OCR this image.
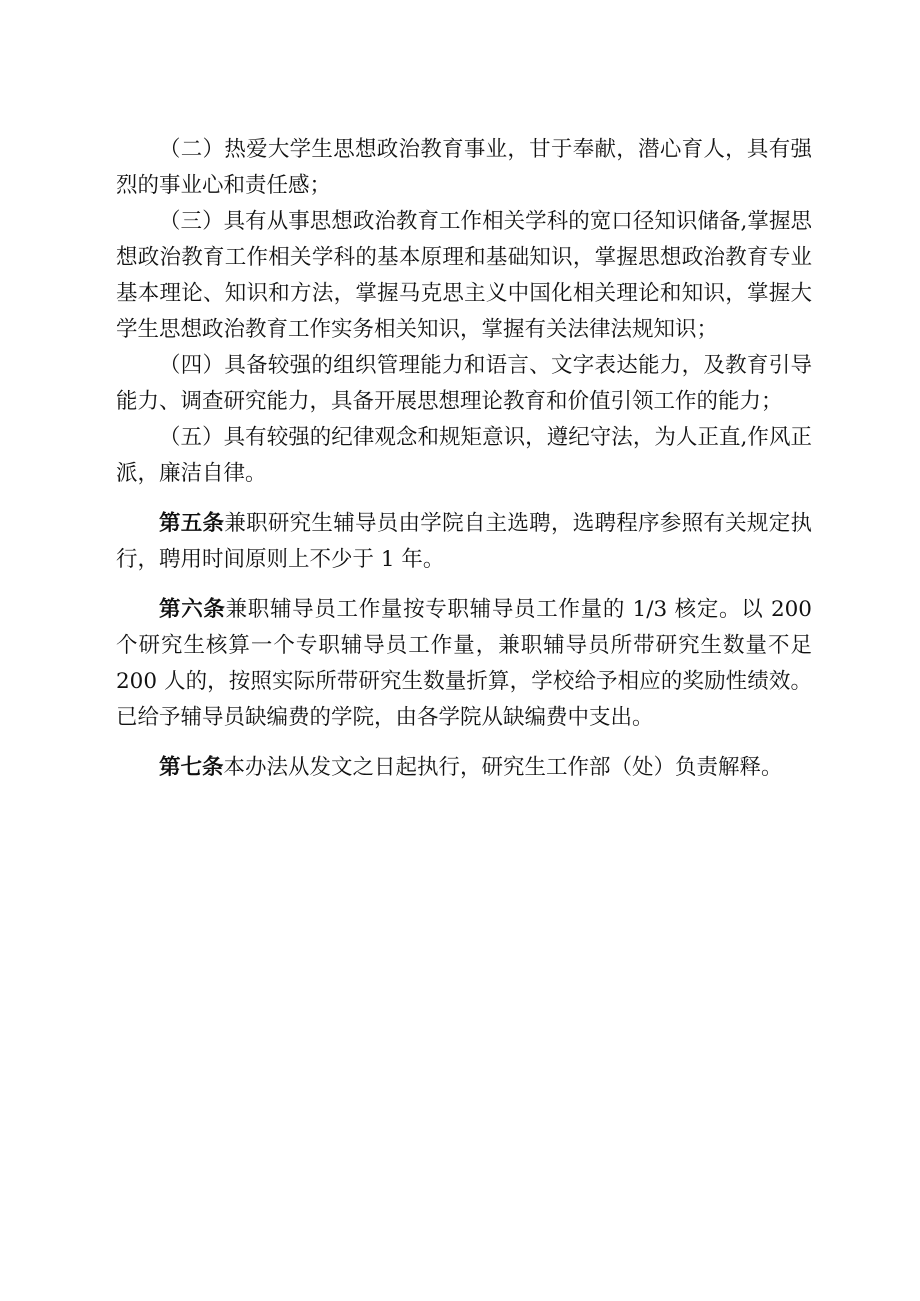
（二）热爱大学生思想政治教育事业，甘于奉献，潜心育人，具有强烈的事业心和责任感；

（三）具有从事思想政治教育工作相关学科的宽口径知识储备,掌握思想政治教育工作相关学科的基本原理和基础知识，掌握思想政治教育专业基本理论、知识和方法，掌握马克思主义中国化相关理论和知识，掌握大学生思想政治教育工作实务相关知识，掌握有关法律法规知识；

（四）具备较强的组织管理能力和语言、文字表达能力，及教育引导能力、调查研究能力，具备开展思想理论教育和价值引领工作的能力；

（五）具有较强的纪律观念和规矩意识，遵纪守法，为人正直,作风正派，廉洁自律。

第五条兼职研究生辅导员由学院自主选聘，选聘程序参照有关规定执行，聘用时间原则上不少于 1 年。

第六条兼职辅导员工作量按专职辅导员工作量的 1/3 核定。以 200 个研究生核算一个专职辅导员工作量，兼职辅导员所带研究生数量不足 200 人的，按照实际所带研究生数量折算，学校给予相应的奖励性绩效。已给予辅导员缺编费的学院，由各学院从缺编费中支出。

第七条本办法从发文之日起执行，研究生工作部（处）负责解释。
